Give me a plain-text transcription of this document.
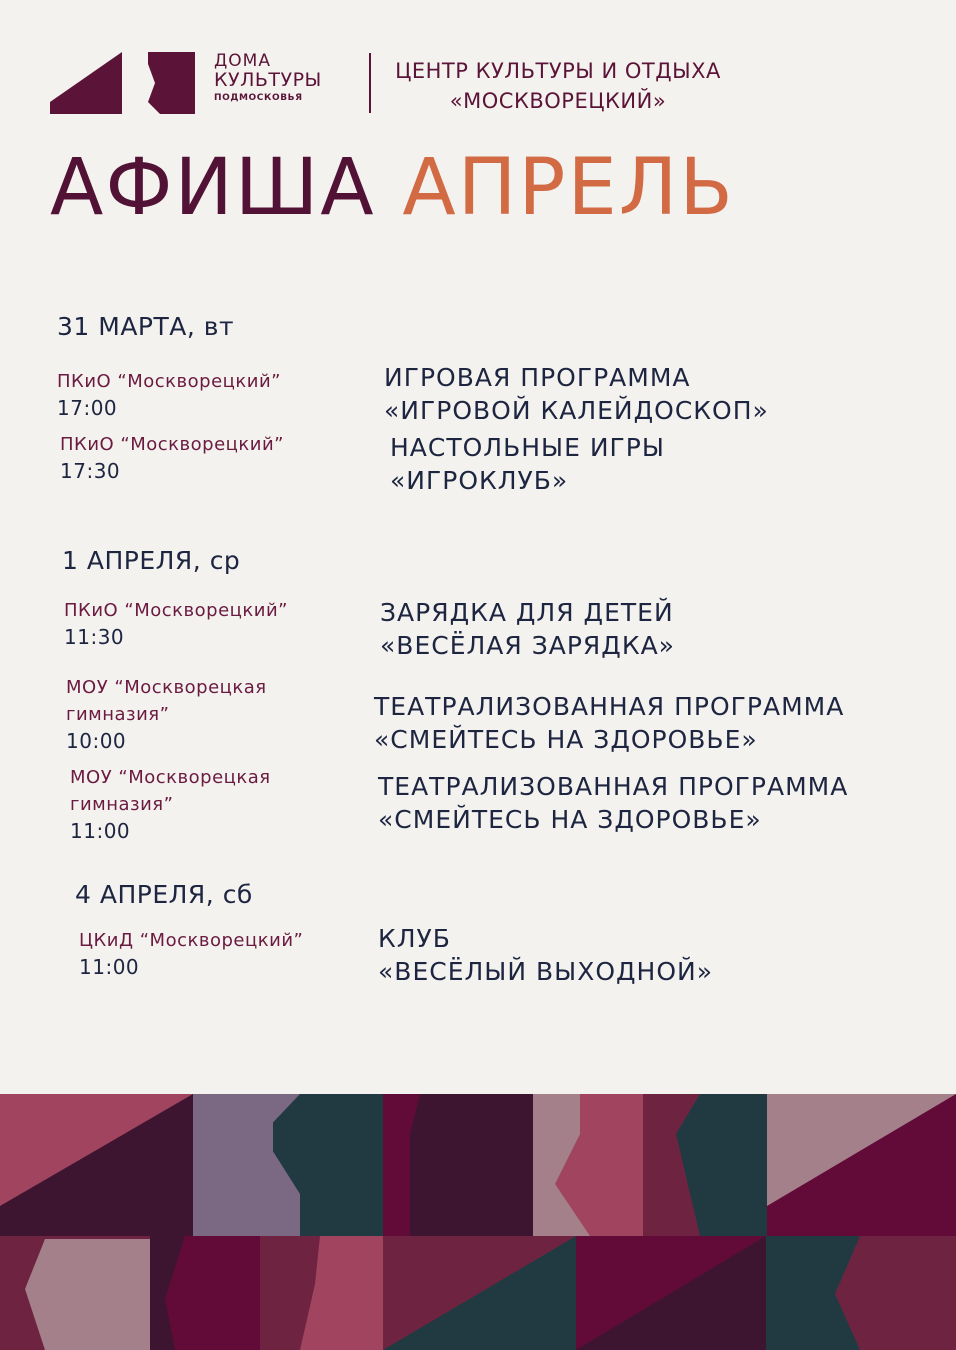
ДОМА
КУЛЬТУРЫ
ПОДМОСКОВЬЯ
ЦЕНТР КУЛЬТУРЫ И ОТДЫХА
«МОСКВОРЕЦКИЙ»
АФИША АПРЕЛЬ
31 МАРТА, вт
ПКиО “Москворецкий”
17:00
ИГРОВАЯ ПРОГРАММА
«ИГРОВОЙ КАЛЕЙДОСКОП»
ПКиО “Москворецкий”
17:30
НАСТОЛЬНЫЕ ИГРЫ
«ИГРОКЛУБ»
1 АПРЕЛЯ, ср
ПКиО “Москворецкий”
11:30
ЗАРЯДКА ДЛЯ ДЕТЕЙ
«ВЕСЁЛАЯ ЗАРЯДКА»
МОУ “Москворецкая
гимназия”
10:00
ТЕАТРАЛИЗОВАННАЯ ПРОГРАММА
«СМЕЙТЕСЬ НА ЗДОРОВЬЕ»
МОУ “Москворецкая
гимназия”
11:00
ТЕАТРАЛИЗОВАННАЯ ПРОГРАММА
«СМЕЙТЕСЬ НА ЗДОРОВЬЕ»
4 АПРЕЛЯ, сб
ЦКиД “Москворецкий”
11:00
КЛУБ
«ВЕСЁЛЫЙ ВЫХОДНОЙ»
